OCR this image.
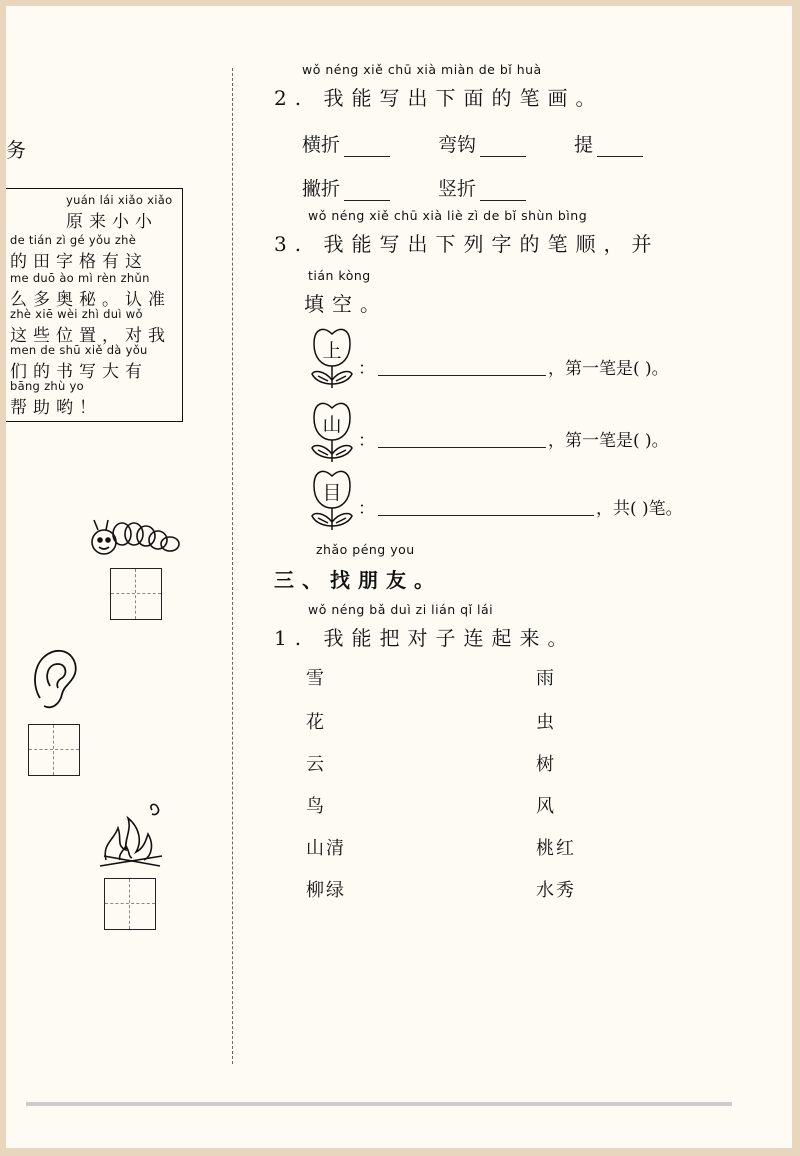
务
yuán lái xiǎo xiǎo
原来小小
de tián zì gé yǒu zhè
的田字格有这
me duō ào mì rèn zhǔn
么多奥秘。认准
zhè xiē wèi zhì duì wǒ
这些位置，对我
men de shū xiě dà yǒu
们的书写大有
bāng zhù yo
帮助哟！
wǒ néng xiě chū xià miàn de bǐ huà
2. 我能写出下面的笔画。
横折	弯钩	提
撇折	竖折
wǒ néng xiě chū xià liè zì de bǐ shùn bìng
3. 我能写出下列字的笔顺，并
tián kòng
填空。
上
：	，第一笔是( )。
山
：	，第一笔是( )。
目
：	，共( )笔。
zhǎo péng you
三、找朋友。
wǒ néng bǎ duì zi lián qǐ lái
1. 我能把对子连起来。
雪	雨
花	虫
云	树
鸟	风
山清	桃红
柳绿	水秀
